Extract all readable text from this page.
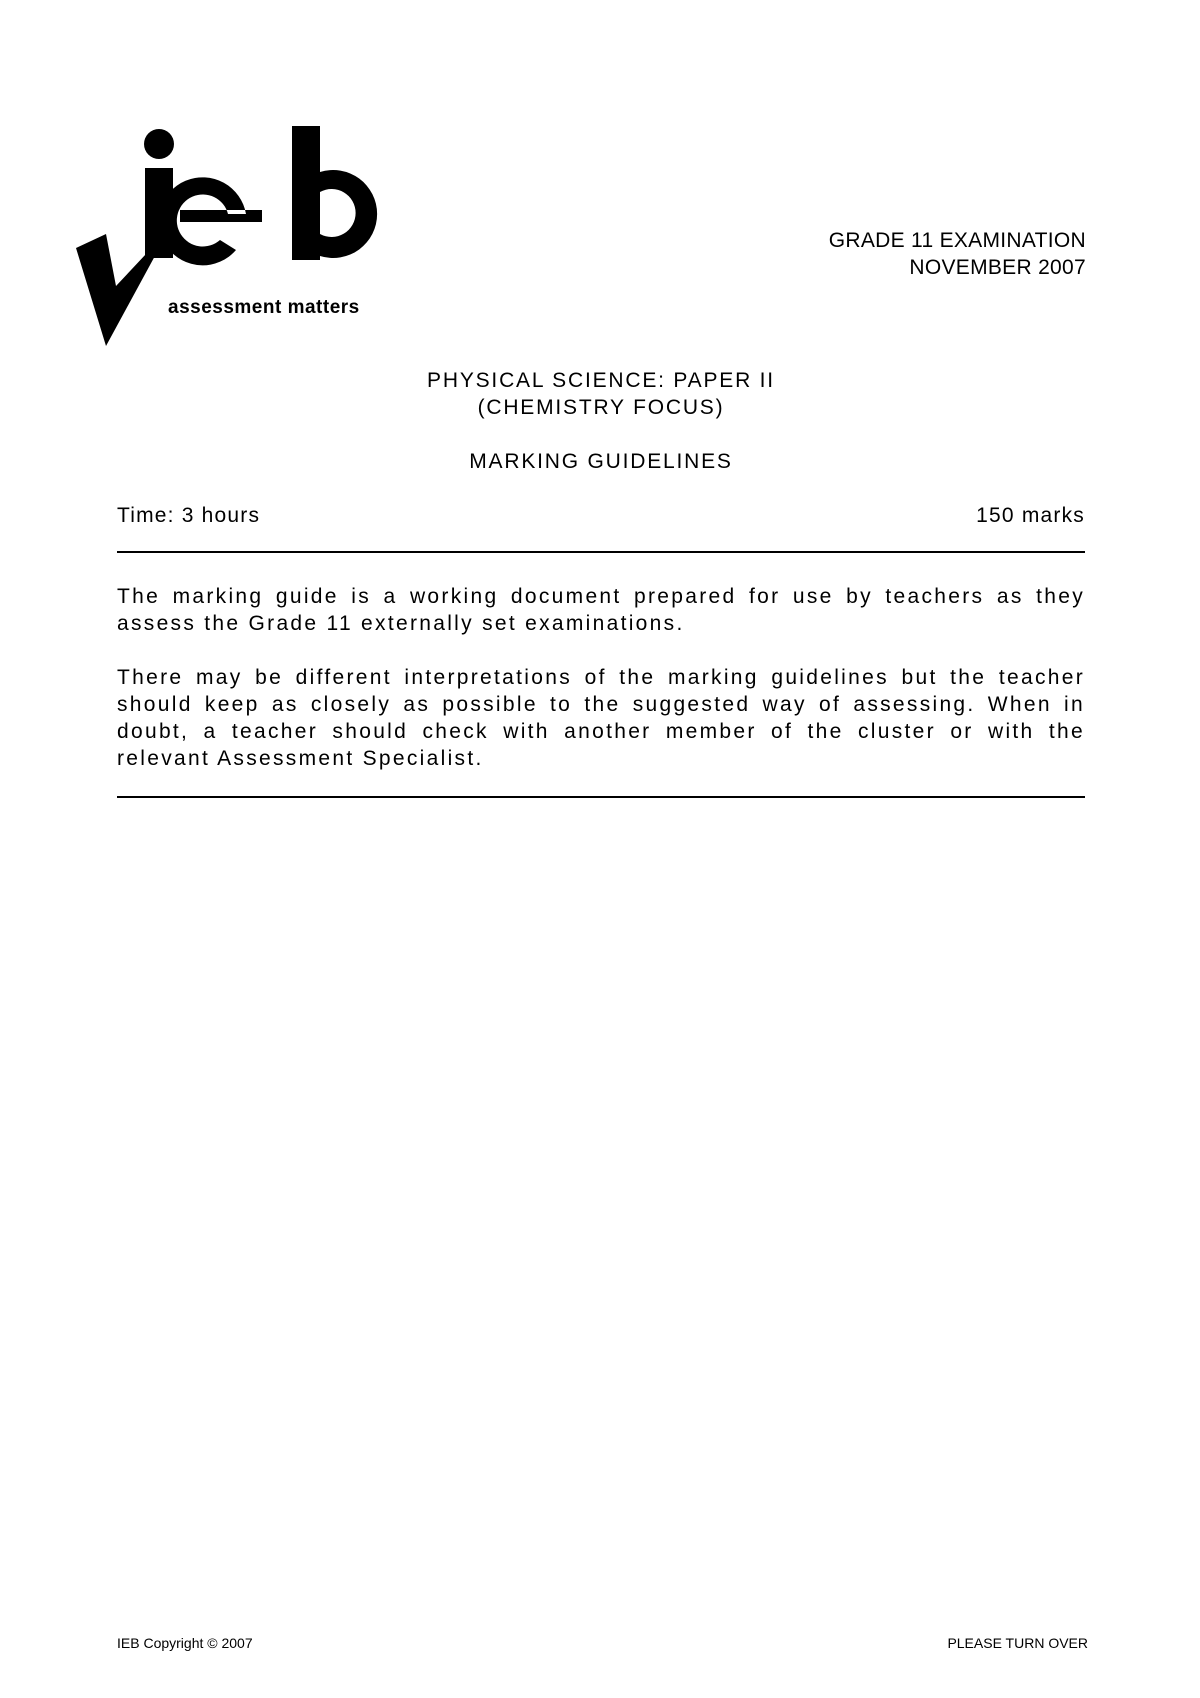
assessment matters
GRADE 11 EXAMINATION
NOVEMBER 2007
PHYSICAL SCIENCE: PAPER II
(CHEMISTRY FOCUS)
MARKING GUIDELINES
Time: 3 hours	150 marks
The marking guide is a working document prepared for use by teachers as they assess the Grade 11 externally set examinations.
There may be different interpretations of the marking guidelines but the teacher should keep as closely as possible to the suggested way of assessing. When in doubt, a teacher should check with another member of the cluster or with the relevant Assessment Specialist.
IEB Copyright © 2007	PLEASE TURN OVER
